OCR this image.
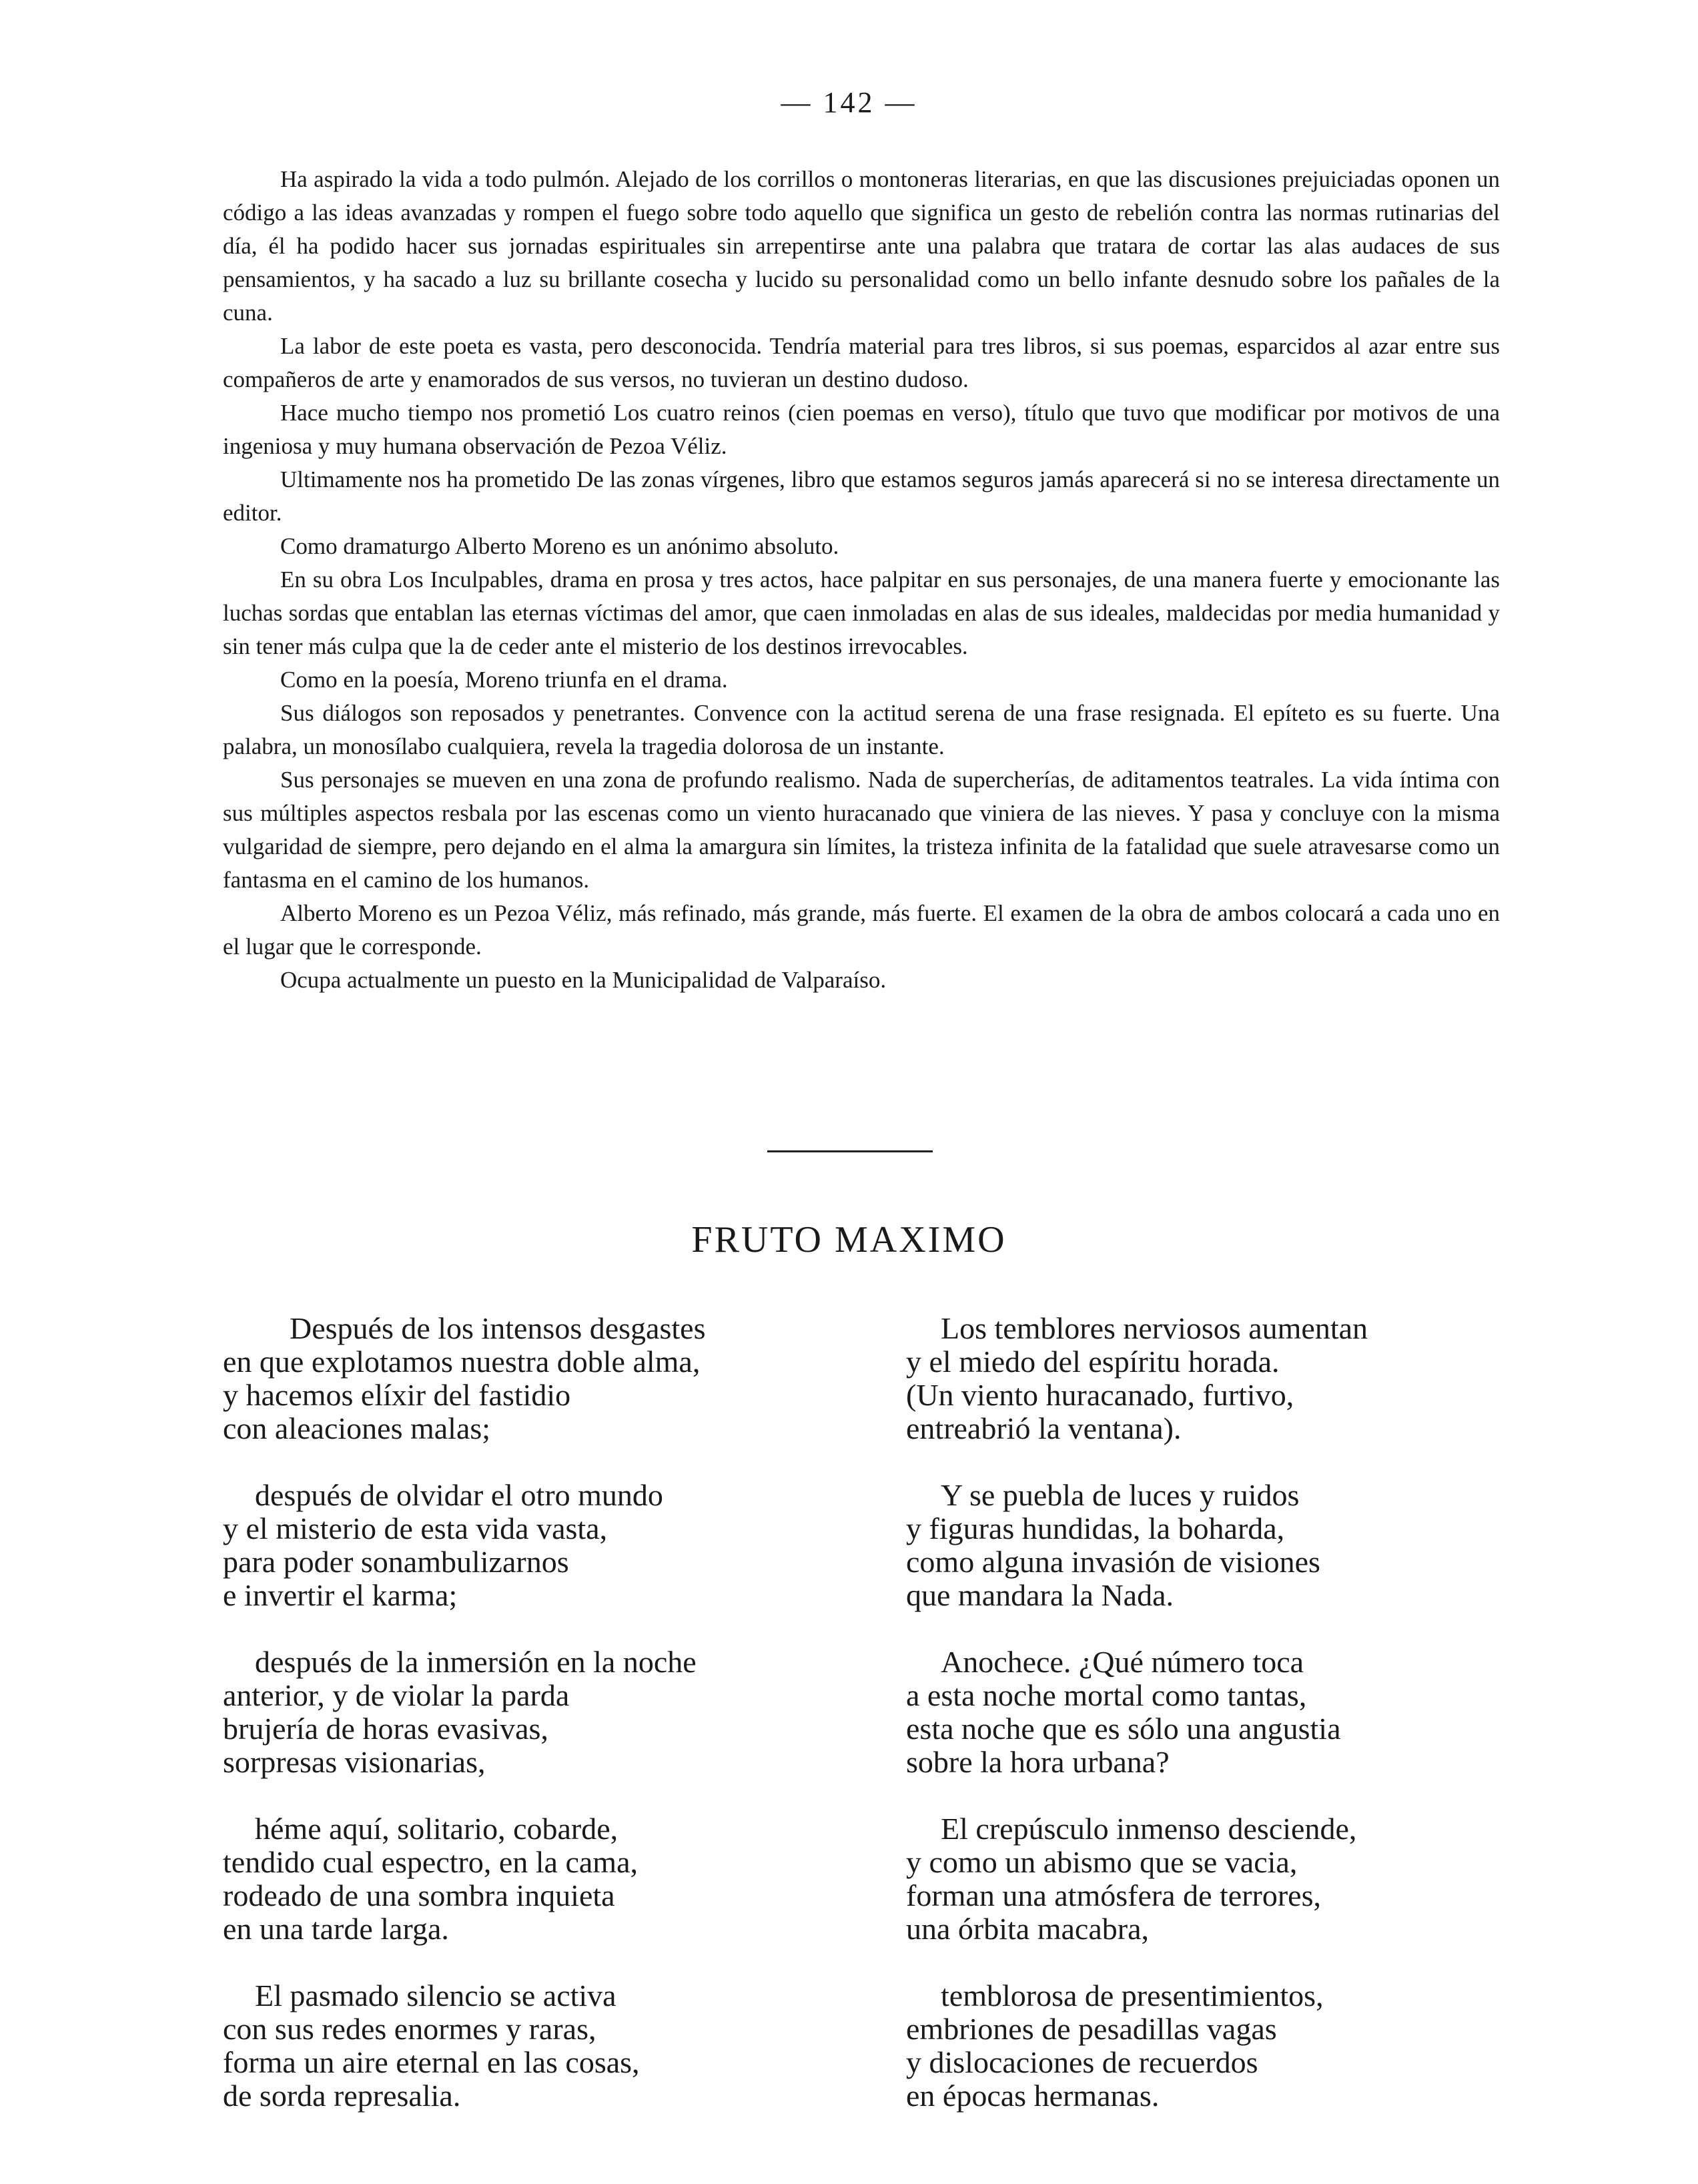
— 142 —

Ha aspirado la vida a todo pulmón. Alejado de los corrillos o montoneras literarias, en que las discusiones prejuiciadas oponen un código a las ideas avanzadas y rompen el fuego sobre todo aquello que significa un gesto de rebelión contra las normas rutinarias del día, él ha podido hacer sus jornadas espirituales sin arrepentirse ante una palabra que tratara de cortar las alas audaces de sus pensamientos, y ha sacado a luz su brillante cosecha y lucido su personalidad como un bello infante desnudo sobre los pañales de la cuna.

La labor de este poeta es vasta, pero desconocida. Tendría material para tres libros, si sus poemas, esparcidos al azar entre sus compañeros de arte y enamorados de sus versos, no tuvieran un destino dudoso.

Hace mucho tiempo nos prometió Los cuatro reinos (cien poemas en verso), título que tuvo que modificar por motivos de una ingeniosa y muy humana observación de Pezoa Véliz.

Ultimamente nos ha prometido De las zonas vírgenes, libro que estamos seguros jamás aparecerá si no se interesa directamente un editor.

Como dramaturgo Alberto Moreno es un anónimo absoluto.

En su obra Los Inculpables, drama en prosa y tres actos, hace palpitar en sus personajes, de una manera fuerte y emocionante las luchas sordas que entablan las eternas víctimas del amor, que caen inmoladas en alas de sus ideales, maldecidas por media humanidad y sin tener más culpa que la de ceder ante el misterio de los destinos irrevocables.

Como en la poesía, Moreno triunfa en el drama.

Sus diálogos son reposados y penetrantes. Convence con la actitud serena de una frase resignada. El epíteto es su fuerte. Una palabra, un monosílabo cualquiera, revela la tragedia dolorosa de un instante.

Sus personajes se mueven en una zona de profundo realismo. Nada de supercherías, de aditamentos teatrales. La vida íntima con sus múltiples aspectos resbala por las escenas como un viento huracanado que viniera de las nieves. Y pasa y concluye con la misma vulgaridad de siempre, pero dejando en el alma la amargura sin límites, la tristeza infinita de la fatalidad que suele atravesarse como un fantasma en el camino de los humanos.

Alberto Moreno es un Pezoa Véliz, más refinado, más grande, más fuerte. El examen de la obra de ambos colocará a cada uno en el lugar que le corresponde.

Ocupa actualmente un puesto en la Municipalidad de Valparaíso.

FRUTO MAXIMO
Después de los intensos desgastes
en que explotamos nuestra doble alma,
y hacemos elíxir del fastidio
con aleaciones malas;
después de olvidar el otro mundo
y el misterio de esta vida vasta,
para poder sonambulizarnos
e invertir el karma;
después de la inmersión en la noche
anterior, y de violar la parda
brujería de horas evasivas,
sorpresas visionarias,
héme aquí, solitario, cobarde,
tendido cual espectro, en la cama,
rodeado de una sombra inquieta
en una tarde larga.
El pasmado silencio se activa
con sus redes enormes y raras,
forma un aire eternal en las cosas,
de sorda represalia.
Los temblores nerviosos aumentan
y el miedo del espíritu horada.
(Un viento huracanado, furtivo,
entreabrió la ventana).
Y se puebla de luces y ruidos
y figuras hundidas, la bohardа,
como alguna invasión de visiones
que mandara la Nada.
Anochece. ¿Qué número toca
a esta noche mortal como tantas,
esta noche que es sólo una angustia
sobre la hora urbana?
El crepúsculo inmenso desciende,
y como un abismo que se vacia,
forman una atmósfera de terrores,
una órbita macabra,
temblorosa de presentimientos,
embriones de pesadillas vagas
y dislocaciones de recuerdos
en épocas hermanas.
